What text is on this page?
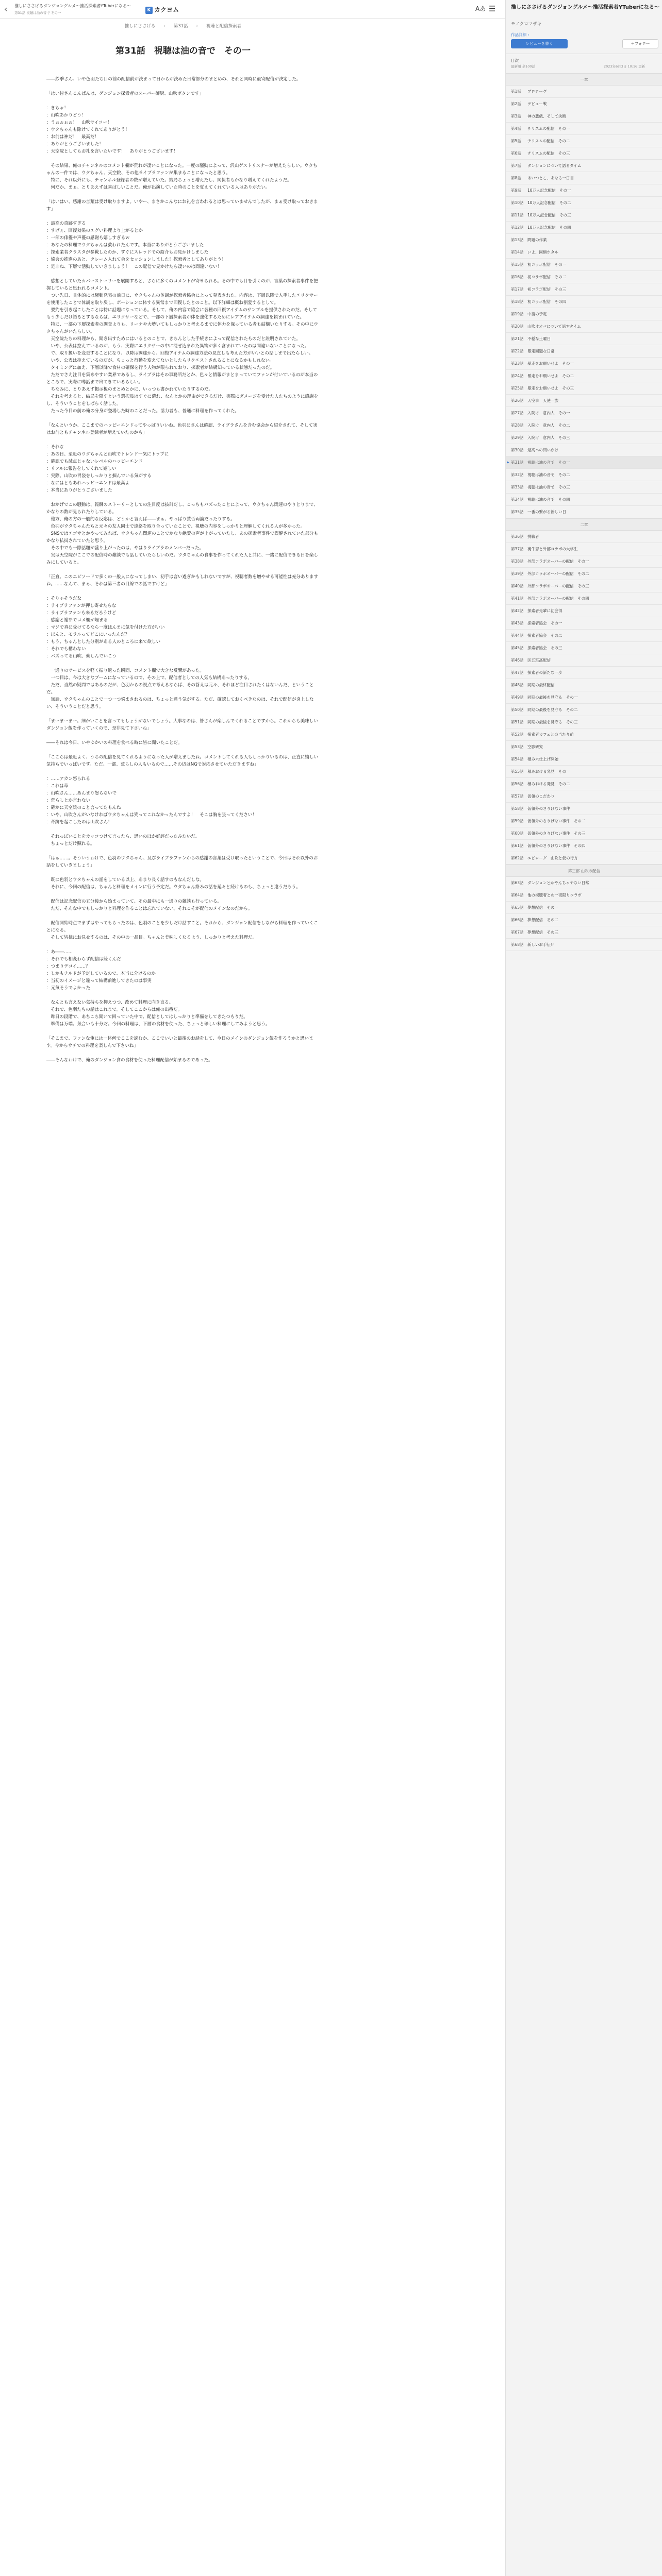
‹ 推しにささげるダンジョングルメ〜推活探索者YTuberになる〜
第31話 視聴は油の音で その一
K カクヨム	Aあ ☰
推しにささげる › 第31話 › 視聴と配信探索者
第31話　視聴は油の音で　その一

――紗季さん、いや色羽たち目の前の配信前が決まって日からが決めた日常部分のまとめの、それと同時に最寄配信が決定した。

「はい皆さんこんばんは、ダンジョン探索者のスーパー御厨、山吹ボタンです」

：きちゃ！

：山吹あかりどう！

：うぉぉぉぉ！　山吹サイコー！

：ウタちゃんも除けてくれてありがとう！

：お前は神だ！　最高だ！

：ありがとうございました！

：天空院としてもお礼を言いたいです！　ありがとうございます！

　その結果、俺のチャンネルのコメント欄が荒れが凄いことになった。一度の騒動によって、沢山ゲストリスナーが増えたらしい。ウタちゃんの一件では、ウタちゃん、天空院、その他ライブラファンが集まることになったと思う。

　特に、それ以外にも、チャンネル登録者の数が増えていた。結局ちょっと増えたし、関係者もかなり増えてくれたようだ。

　何だか、まぁ、とりあえずは喜ばしいことだ。俺が出演していた時のことを覚えてくれている人はありがたい。

「はいはい、感謝の言葉は受け取りますよ。いやー、まさかこんなにお礼を言われるとは思っていませんでしたが、まぁ受け取っておきます」

：最高の奇跡すぎる

：すげぇ、回復効果のエグい料理より上がるとか

：一部の俳優や声優の感謝も嬉しすぎるｗ

：あなたの料理でウタちゃんは救われたんです。本当にありがとうございました

：探索業者クラスタが参戦したのか、すぐにスレッドでの紹介もお見かけしました

：協会の推進のあと、クレーム入れて会をセッションしました！探索者としてありがとう！

：是非ね、下層で活動していきましょう！　この配信で見かけたら凄いのは間違いない！

　感想としていたカバーストーリーを展開すると、さらに多くのコメントが寄せられる。その中でも目を引くのが、言葉の探索者事件を把握していると思われるコメント。

　つい先日、具体的には騒動発表の前日に、ウタちゃんの体調が探索者協会によって発表された。内容は、下層以降で入手したエリクサーを使用したことで体調を取り戻し、ポーションに体する異常まで回復したとのこと。以下詳細は概ね割愛するとして。

　要約を引き起こしたことは特に話題になっている。そして、俺の内容で協会に各種の回復アイテムのサンプルを提供されたのだ。そしてもう少しだけ語るとするならば、エリクサーなどで、一部の下層探索者が体を強化するためにレアアイテムの調達を頼まれていた。

　特に、一部の下層探索者の調査よりも、リーナや大勢いてもしっかりと考えるまでに体力を保っている者も結構いたりする。その中にウタちゃんがいたらしい。

　天空院たちの料理から、聞き出すためにはいるとのことで、きちんとした手続きによって配信されたものだと説明されていた。

　いや、公表は控えているのが、もう、実際にエリクサーの中に混ぜ込まれた異物が多く含まれていたのは間違いないことになった。

　で、取り扱いを変更することになり、以降は調達から、回復アイテムの調達方法の見直しも考えた方がいいとの話しまで出たらしい。

　いや、公表は控えているのだが、ちょっと行動を変えてないとしたらリクエストされることになるかもしれない。

　タイミングに加え、下層以降で食材の確保を行う人物が限られており、探索者が結構知っている状態だったのだ。

　ただでさえ注目を集めやすい業界であるし、ライブラはその事務所だとか、色々と情報がまとまっていてファンが付いているのが本当のところで、実際に噂話まで出てきているらしい。

　ちなみに、とりあえず掲示板のまとめとかに、いっつも書かれていたりするのだ。

　それを考えると、結局を隠すという選択肢はすぐに潰れ、なんとかの理由ができるだけ、実際にダメージを受けた人たちのように感謝をし、そういうことをしばらく話した。

　たった今目の前の俺の分身が登場した時のことだった。協力者も、普通に料理を作ってくれた。

「なんというか、ここまでのハッピーエンドってやっぱりいいね。色羽にさんは確認、ライブラさんを含む協会から紹介されて、そして実はお前ともチャンネル登録者が増えていたのかも」

：それな

：あの日、至近のウタちゃんと山吹でトレンド一気にトップに

：確認でも減点じゃないレベルのハッピーエンド

：リアルに報告をしてくれて嬉しい

：実際、山吹の胃袋をしっかりと掴んでいる気がする

：なにはともあれハッピーエンドは最高よ

：本当にありがとうございました

　おかげでこの騒動は、報酬のストーリーとしての注目度は抜群だし、こっちもバズったことによって、ウタちゃん関連のやりとりまで、かなりの数が見られたりしている。

　他方、俺の方の一般的な反応は、どうかと言えば――まぁ、やっぱり賛否両論だったりする。

　色羽がウタちゃんたちと元々の友人同士で連絡を取り合っていたことで、視聴の内容をしっかりと理解してくれる人が多かった。

　SNSではエゴサとかやってみれば、ウタちゃん関連のことでかなり絶賛の声が上がっていたし、あの探索者事件で誤解されていた部分もかなり払拭されていたと思う。

　その中でも一際話題が盛り上がったのは、やはりライブラのメンバーだった。

　実は天空院がここでの配信時の雑談でも話していたらしいのだ。ウタちゃんの食事を作ってくれた人と共に、一緒に配信できる日を楽しみにしていると。

「正直、このエピソードで多くの一般人になってしまい、初手は言い過ぎかもしれないですが、視聴者数を増やせる可能性は充分ありますね。……なんて、まぁ、それは第三者の目線での話ですけど」

：そりゃそうだな

：ライブラファンが押し寄せたらな

：ライブラファンも来るだろうけど

：感謝と謝罪でコメ欄が埋まる

：マジで真に受けてるなら一度ほんまに気を付けた方がいい

：ほんと、モラルってどこにいったんだ？

：もう、ちゃんとした分別がある人のところに来て欲しい

：それでも構わない

：バズってる山吹、楽しんでいこう

　一通りのサービスを軽く振り返った瞬間、コメント欄で大きな反響があった。

　一つ目は、今は大きなブームになっているので、その上で、配信者としての人気も結構あったりする。

　ただ、当然の疑問ではあるのだが、色羽からの視点で考えるならば、その答えは元々、それほど注目されたくはないんだ、ということだ。

　無論、ウタちゃんのことで一つ一つ悩まされるのは、ちょっと違う気がする。ただ、確認しておくべきなのは、それで配信が炎上しない、そういうことだと思う。

「まーまーまー。細かいことを言ってもしょうがないでしょう。大事なのは、皆さんが楽しんでくれることですから。これからも美味しいダンジョン飯を作っていくので、是非見て下さいね」

――それは今日、いやゆかいの料理を食べる時に皆に聞いたことだ。

「ここらは最近よく、うちの配信を見てくれるようになった人が増えましたね。コメントしてくれる人もしっかりいるのは、正直に嬉しい気持ちでいっぱいです。ただ、一部、荒らしの人もいるので……その辺はNGで対応させていただきますね」

：……アカン怒られる

：これは草

：山吹さん……あんまり怒らないで

：荒らしとか言わない

：確かに天空院のこと言ってたもんね

：いや、山吹さんがいなければウタちゃんは笑ってこれなかったんですよ！　そこは胸を張ってください！

：奇跡を起こしたのは山吹さん！

　それっぽいことをカッコつけて言ったら、思いのほか好評だったみたいだ。

　ちょっとだけ照れる。

「はぁ……。そういうわけで、色羽のウタちゃん、及びライブラファンからの感謝の言葉は受け取ったということで、今日はそれ以外のお話をしていきましょう」

　既に色羽とウタちゃんの話をしている以上、あまり長く話すのもなんだしな。

　それに、今回の配信は、ちゃんと料理をメインに行う予定だ。ウタちゃん絡みの話を延々と続けるのも、ちょっと違うだろう。

　配信は記念配信の五分後から始まっていて、その最中にも一通りの雑談も行っている。

　ただ、そんな中でもしっかりと料理を作ることは忘れていない。それこそが配信のメインなのだから。

　配信開始時点でまずはやってもらったのは、色羽のことを少しだけ話すこと。それから、ダンジョン配信をしながら料理を作っていくことになる。

　そして皆様にお見せするのは、その中の一品目。ちゃんと美味しくなるよう、しっかりと考えた料理だ。

：あ――……

：それでも相変わらず配信は続くんだ

：つまりデコイ……？

：しかもチルドが予定しているので、本当に分けるのか

：当初のイメージと違って結構前進してきたのは事実

：元気そうでよかった

　なんとも言えない気持ちを抑えつつ、改めて料理に向き直る。

　それで、色羽たちの話はこれまで。そしてここからは俺の出番だ。

　昨日の段階で、あちこち聞いて回っていた中で、配信としてはしっかりと準備をしてきたつもりだ。

　準備は万端。気合いも十分だ。今回の料理は、下層の食材を使った、ちょっと珍しい料理にしてみようと思う。

「そこまで、ファンな俺には一体何でここを読むか、ここでいいと最後のお話をして、今日のメインのダンジョン飯を作ろうかと思います。今からウチでの料理を楽しんで下さいね」

――そんなわけで、俺のダンジョン食の食材を使った料理配信が始まるのであった。

推しにささげるダンジョングルメ〜推活探索者YTuberになる〜
モノクロマザキ
作品詳細 ›
レビューを書く	＋フォロー
目次
最新順 全100話	2023年6月3日 10:16 更新
一章
第1話 プロローグ
第2話 デビュー戦
第3話 神の悪戯、そして決断
第4話 チリスムの配信　その一
第5話 チリスムの配信　その二
第6話 チリスムの配信　その三
第7話 ダンジョンについて語るタイム
第8話 あいつとこ、あなる一日目
第9話 10万人記念配信　その一
第10話 10万人記念配信　その二
第11話 10万人記念配信　その三
第12話 10万人記念配信　その四
第13話 問題の作業
第14話 いよ、同類ホタル
第15話 初コラボ配信　その一
第16話 初コラボ配信　その二
第17話 初コラボ配信　その三
第18話 初コラボ配信　その四
第19話 中後の予定
第20話 山吹オオバについて話すタイム
第21話 不穏な土曜日
第22話 暴走回避な日常
第23話 暴走をお願いせよ　その一
第24話 暴走をお願いせよ　その二
第25話 暴走をお願いせよ　その三
第26話 天空事　天使一族
第27話 入院け　意内人　その一
第28話 入院け　意内人　その二
第29話 入院け　意内人　その三
第30話 最高への問いかけ
▶ 第31話 視聴は油の音で　その一
第32話 視聴は油の音で　その二
第33話 視聴は油の音で　その三
第34話 視聴は油の音で　その四
第35話 一番の繋がる新しい日
二章
第36話 挑戦者
第37話 裏牛窓と外部コラボの大学生
第38話 外部コラボオーバーの配信　その一
第39話 外部コラボオーバーの配信　その二
第40話 外部コラボオーバーの配信　その三
第41話 外部コラボオーバーの配信　その四
第42話 探索者先輩に初会得
第43話 探索者協会　その一
第44話 探索者協会　その二
第45話 探索者協会　その三
第46話 区五班高配信
第47話 探索者の新たな一歩
第48話 同期の最終配信
第49話 同期の最後を見守る　その一
第50話 同期の最後を見守る　その二
第51話 同期の最後を見守る　その三
第52話 探索者カフェとの当たり前
第53話 空影研究
第54話 積み木仕上げ開始
第55話 積みおける発見　その一
第56話 積みおける発見　その二
第57話 仮領のこだわり
第58話 仮領外のさりげない事件
第59話 仮領外のさりげない事件　その二
第60話 仮領外のさりげない事件　その三
第61話 仮領外のさりげない事件　その四
第62話 エピローグ　山吹と仮の行方
第三部 山吹の配信
第63話 ダンジョンとかやんちゃやない日常
第64話 他の視聴者との一夜限りコラボ
第65話 夢想配信　その一
第66話 夢想配信　その二
第67話 夢想配信　その三
第68話 新しいお手伝い
